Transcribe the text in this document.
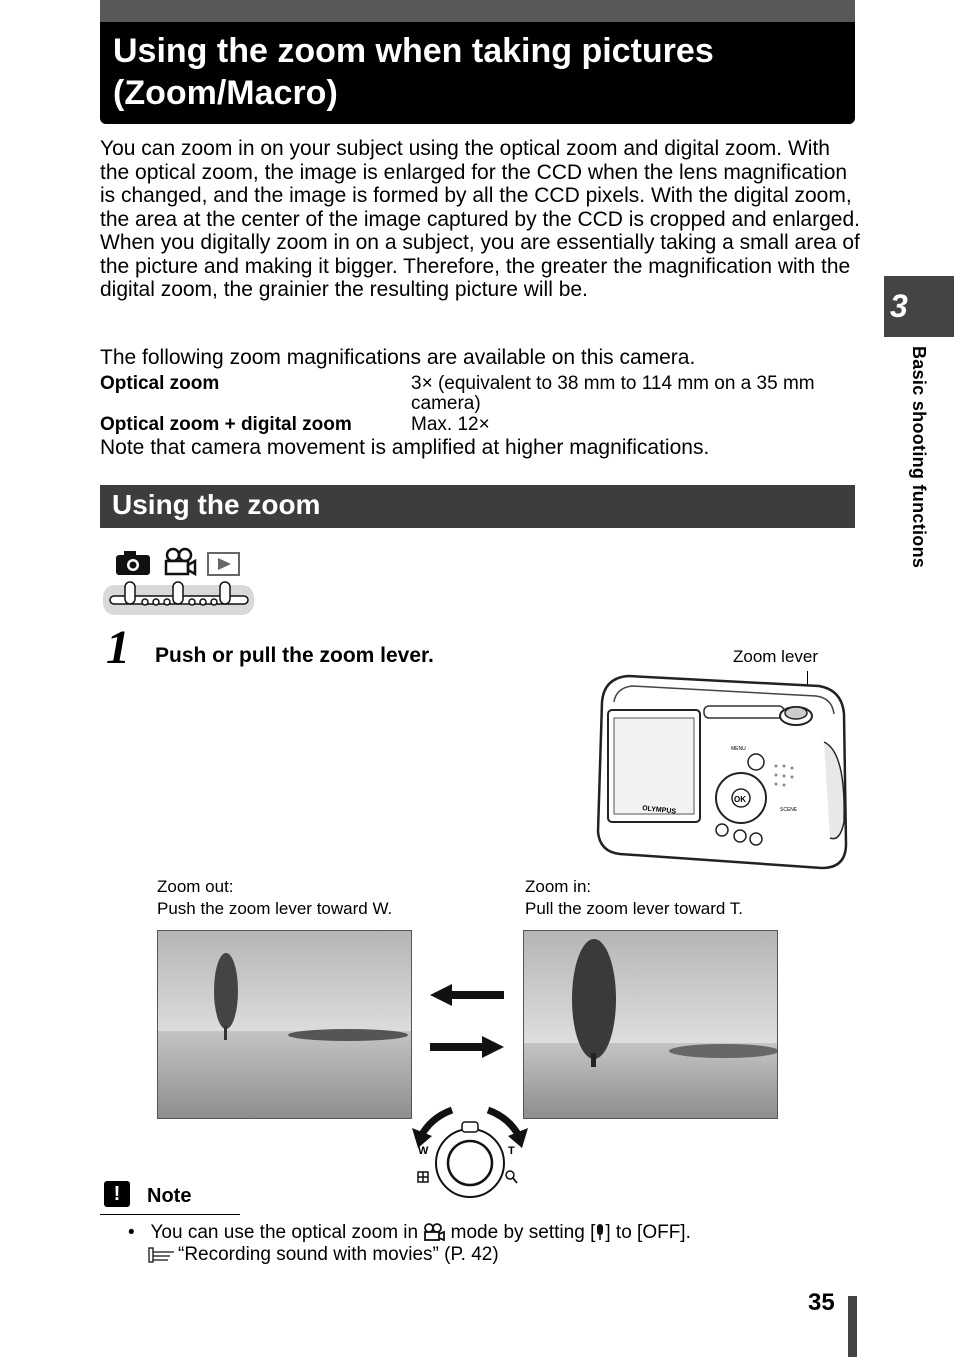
Using the zoom when taking pictures
(Zoom/Macro)
You can zoom in on your subject using the optical zoom and digital zoom. With the optical zoom, the image is enlarged for the CCD when the lens magnification is changed, and the image is formed by all the CCD pixels. With the digital zoom, the area at the center of the image captured by the CCD is cropped and enlarged. When you digitally zoom in on a subject, you are essentially taking a small area of the picture and making it bigger. Therefore, the greater the magnification with the digital zoom, the grainier the resulting picture will be.
The following zoom magnifications are available on this camera.
Optical zoom	3× (equivalent to 38 mm to 114 mm on a 35 mm camera)
Optical zoom + digital zoom	Max. 12×
Note that camera movement is amplified at higher magnifications.
Using the zoom
1 Push or pull the zoom lever.	Zoom lever
OLYMPUS
MENU
OK
SCENE
Zoom out:
Push the zoom lever toward W.
Zoom in:
Pull the zoom lever toward T.
W	T
!	Note
•   You can use the optical zoom in mode by setting [ ] to [OFF].
“Recording sound with movies” (P. 42)
3
Basic shooting functions
35
